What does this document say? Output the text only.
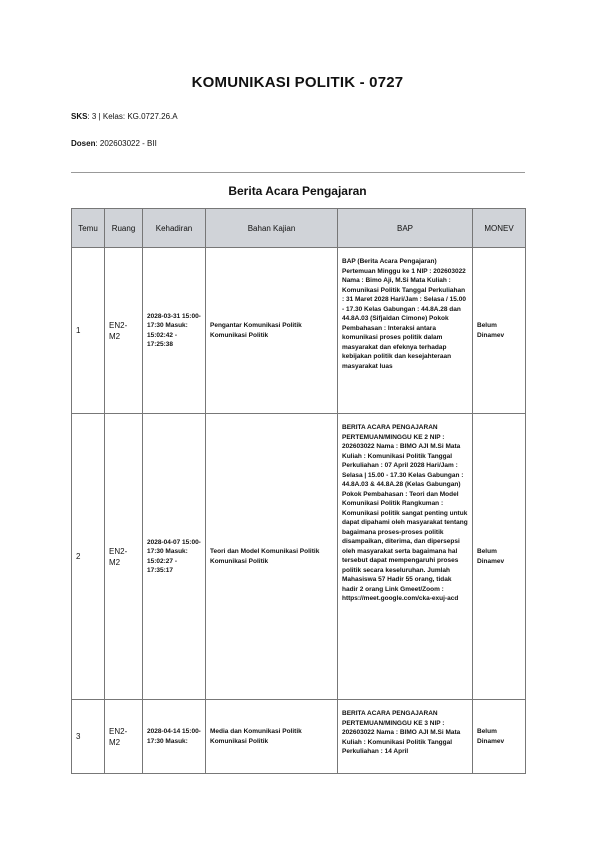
KOMUNIKASI POLITIK - 0727
SKS: 3 | Kelas: KG.0727.26.A
Dosen: 202603022 - BII
Berita Acara Pengajaran
Temu	Ruang	Kehadiran	Bahan Kajian	BAP	MONEV
1	EN2-M2	2028-03-31 15:00-17:30 Masuk: 15:02:42 - 17:25:38	Pengantar Komunikasi Politik Komunikasi Politik	BAP (Berita Acara Pengajaran) Pertemuan Minggu ke 1 NIP : 202603022 Nama : Bimo Aji, M.Si Mata Kuliah : Komunikasi Politik Tanggal Perkuliahan : 31 Maret 2028 Hari/Jam : Selasa / 15.00 - 17.30 Kelas Gabungan : 44.8A.28 dan 44.8A.03 (Sifjaidan Cimone) Pokok Pembahasan : Interaksi antara komunikasi proses politik dalam masyarakat dan efeknya terhadap kebijakan politik dan kesejahteraan masyarakat luas	Belum Dinamev
2	EN2-M2	2028-04-07 15:00-17:30 Masuk: 15:02:27 - 17:35:17	Teori dan Model Komunikasi Politik Komunikasi Politik	BERITA ACARA PENGAJARAN PERTEMUAN/MINGGU KE 2 NIP : 202603022 Nama : BIMO AJI M.Si Mata Kuliah : Komunikasi Politik Tanggal Perkuliahan : 07 April 2028 Hari/Jam : Selasa | 15.00 - 17.30 Kelas Gabungan : 44.8A.03 & 44.8A.28 (Kelas Gabungan) Pokok Pembahasan : Teori dan Model Komunikasi Politik Rangkuman : Komunikasi politik sangat penting untuk dapat dipahami oleh masyarakat tentang bagaimana proses-proses politik disampaikan, diterima, dan dipersepsi oleh masyarakat serta bagaimana hal tersebut dapat mempengaruhi proses politik secara keseluruhan. Jumlah Mahasiswa 57 Hadir 55 orang, tidak hadir 2 orang Link Gmeet/Zoom : https://meet.google.com/cka-exuj-acd	Belum Dinamev
3	EN2-M2	2028-04-14 15:00-17:30 Masuk:	Media dan Komunikasi Politik Komunikasi Politik	BERITA ACARA PENGAJARAN PERTEMUAN/MINGGU KE 3 NIP : 202603022 Nama : BIMO AJI M.Si Mata Kuliah : Komunikasi Politik Tanggal Perkuliahan : 14 April	Belum Dinamev
